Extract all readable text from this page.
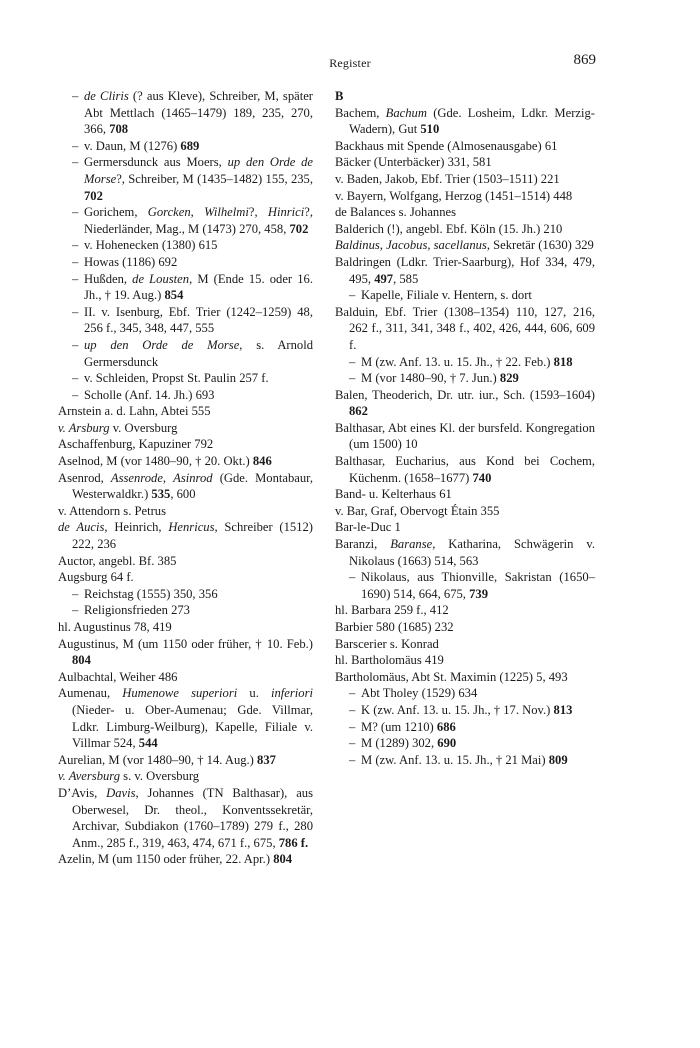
Register	869

– de Cliris (? aus Kleve), Schreiber, M, später Abt Mettlach (1465–1479) 189, 235, 270, 366, 708

– v. Daun, M (1276) 689

– Germersdunck aus Moers, up den Orde de Morse?, Schreiber, M (1435–1482) 155, 235, 702

– Gorichem, Gorcken, Wilhelmi?, Hinrici?, Niederländer, Mag., M (1473) 270, 458, 702

– v. Hohenecken (1380) 615

– Howas (1186) 692

– Hußden, de Lousten, M (Ende 15. oder 16. Jh., † 19. Aug.) 854

– II. v. Isenburg, Ebf. Trier (1242–1259) 48, 256 f., 345, 348, 447, 555

– up den Orde de Morse, s. Arnold Germersdunck

– v. Schleiden, Propst St. Paulin 257 f.

– Scholle (Anf. 14. Jh.) 693

Arnstein a. d. Lahn, Abtei 555

v. Arsburg v. Oversburg

Aschaffenburg, Kapuziner 792

Aselnod, M (vor 1480–90, † 20. Okt.) 846

Asenrod, Assenrode, Asinrod (Gde. Montabaur, Westerwaldkr.) 535, 600

v. Attendorn s. Petrus

de Aucis, Heinrich, Henricus, Schreiber (1512) 222, 236

Auctor, angebl. Bf. 385

Augsburg 64 f.

– Reichstag (1555) 350, 356

– Religionsfrieden 273

hl. Augustinus 78, 419

Augustinus, M (um 1150 oder früher, † 10. Feb.) 804

Aulbachtal, Weiher 486

Aumenau, Humenowe superiori u. inferiori (Nieder- u. Ober-Aumenau; Gde. Villmar, Ldkr. Limburg-Weilburg), Kapelle, Filiale v. Villmar 524, 544

Aurelian, M (vor 1480–90, † 14. Aug.) 837

v. Aversburg s. v. Oversburg

D’Avis, Davis, Johannes (TN Balthasar), aus Oberwesel, Dr. theol., Konventssekretär, Archivar, Subdiakon (1760–1789) 279 f., 280 Anm., 285 f., 319, 463, 474, 671 f., 675, 786 f.

Azelin, M (um 1150 oder früher, 22. Apr.) 804

B

Bachem, Bachum (Gde. Losheim, Ldkr. Merzig-Wadern), Gut 510

Backhaus mit Spende (Almosenausgabe) 61

Bäcker (Unterbäcker) 331, 581

v. Baden, Jakob, Ebf. Trier (1503–1511) 221

v. Bayern, Wolfgang, Herzog (1451–1514) 448

de Balances s. Johannes

Balderich (!), angebl. Ebf. Köln (15. Jh.) 210

Baldinus, Jacobus, sacellanus, Sekretär (1630) 329

Baldringen (Ldkr. Trier-Saarburg), Hof 334, 479, 495, 497, 585

– Kapelle, Filiale v. Hentern, s. dort

Balduin, Ebf. Trier (1308–1354) 110, 127, 216, 262 f., 311, 341, 348 f., 402, 426, 444, 606, 609 f.

– M (zw. Anf. 13. u. 15. Jh., † 22. Feb.) 818

– M (vor 1480–90, † 7. Jun.) 829

Balen, Theoderich, Dr. utr. iur., Sch. (1593–1604) 862

Balthasar, Abt eines Kl. der bursfeld. Kongregation (um 1500) 10

Balthasar, Eucharius, aus Kond bei Cochem, Küchenm. (1658–1677) 740

Band- u. Kelterhaus 61

v. Bar, Graf, Obervogt Étain 355

Bar-le-Duc 1

Baranzi, Baranse, Katharina, Schwägerin v. Nikolaus (1663) 514, 563

– Nikolaus, aus Thionville, Sakristan (1650–1690) 514, 664, 675, 739

hl. Barbara 259 f., 412

Barbier 580 (1685) 232

Barscerier s. Konrad

hl. Bartholomäus 419

Bartholomäus, Abt St. Maximin (1225) 5, 493

– Abt Tholey (1529) 634

– K (zw. Anf. 13. u. 15. Jh., † 17. Nov.) 813

– M? (um 1210) 686

– M (1289) 302, 690

– M (zw. Anf. 13. u. 15. Jh., † 21 Mai) 809
